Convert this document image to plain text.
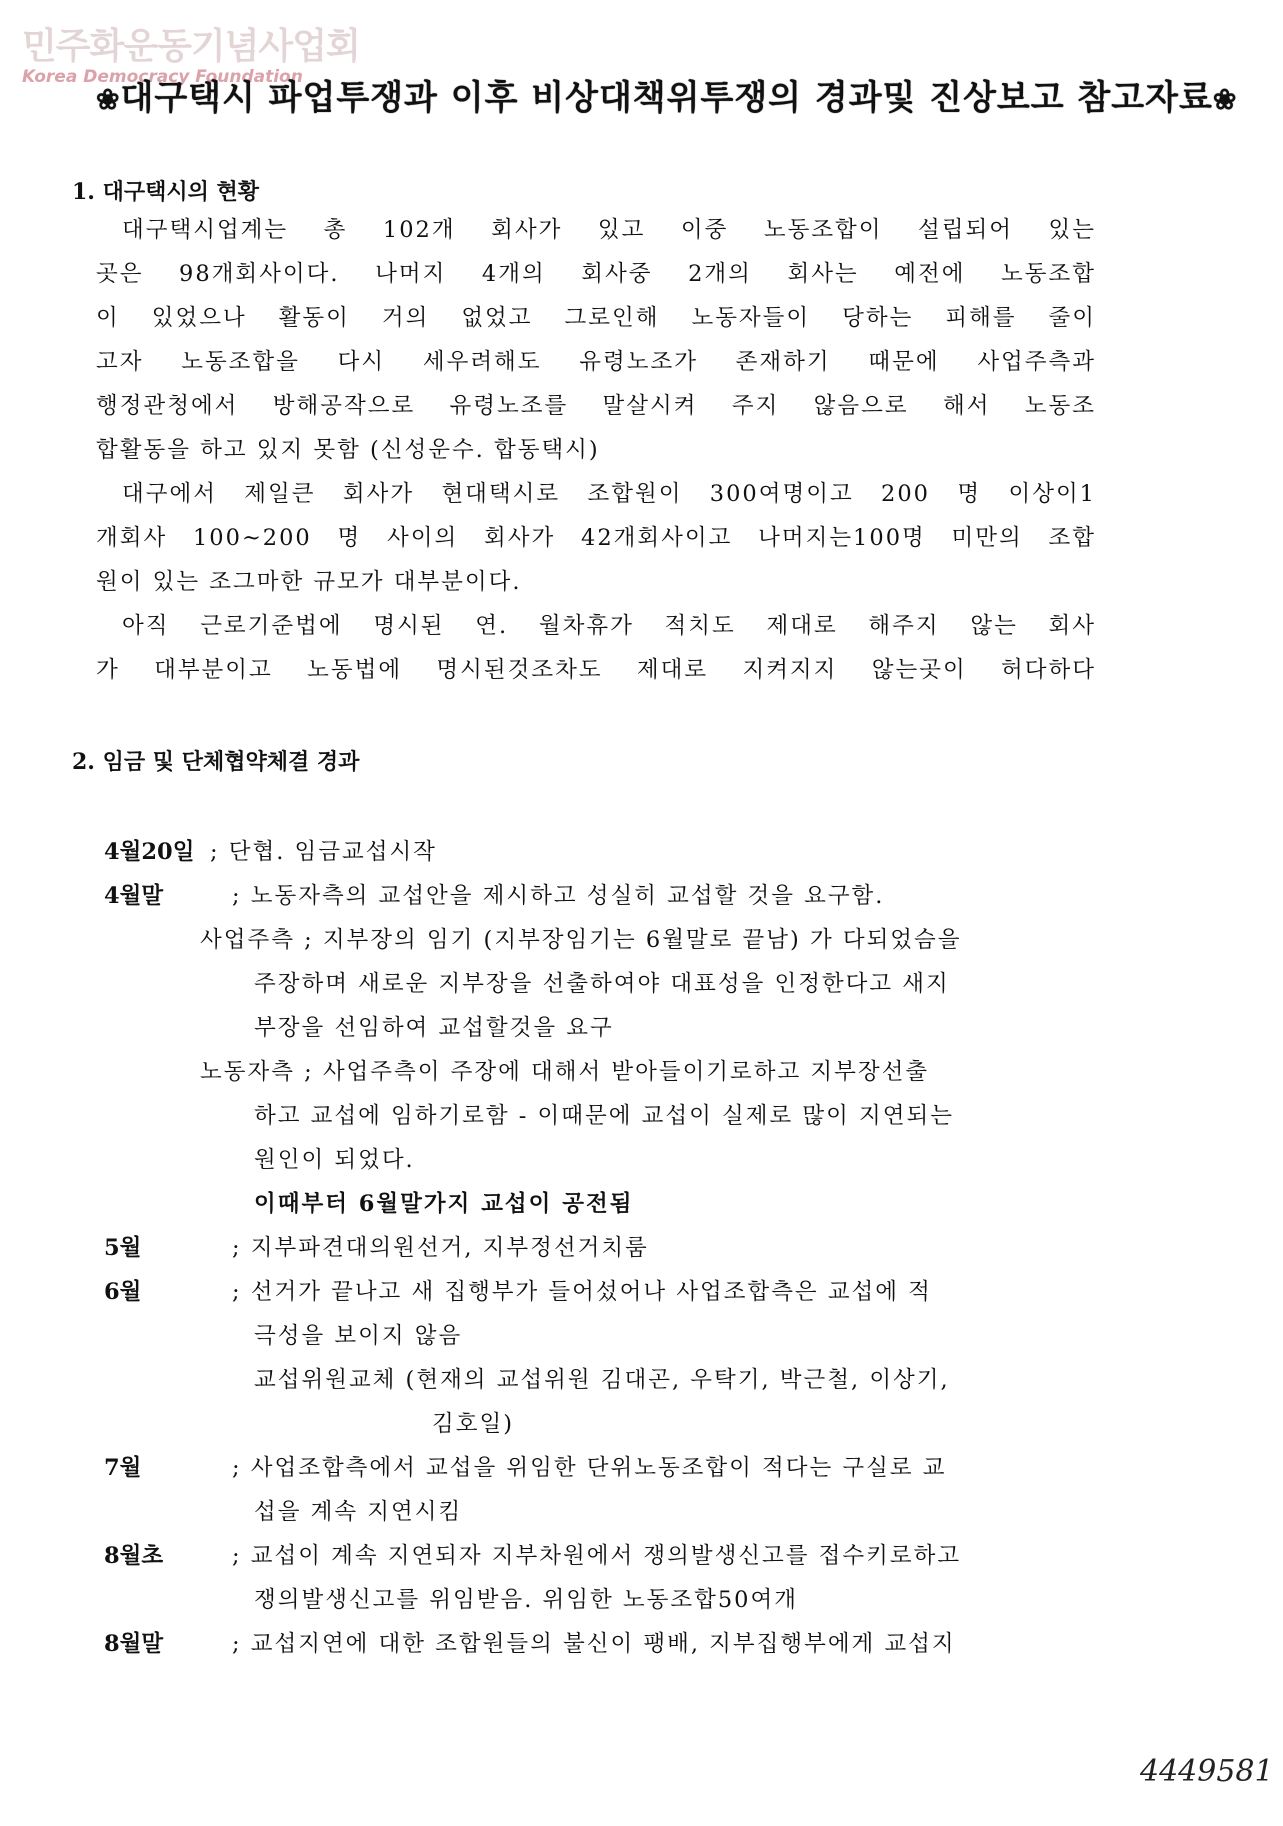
민주화운동기념사업회
Korea Democracy Foundation
❀대구택시 파업투쟁과 이후 비상대책위투쟁의 경과및 진상보고 참고자료❀
1. 대구택시의 현황
대구택시업계는 총 102개 회사가 있고 이중 노동조합이 설립되어 있는
곳은 98개회사이다. 나머지 4개의 회사중 2개의 회사는 예전에 노동조합
이 있었으나 활동이 거의 없었고 그로인해 노동자들이 당하는 피해를 줄이
고자 노동조합을 다시 세우려해도 유령노조가 존재하기 때문에 사업주측과
행정관청에서 방해공작으로 유령노조를 말살시켜 주지 않음으로 해서 노동조
합활동을 하고 있지 못함 (신성운수. 합동택시)
대구에서 제일큰 회사가 현대택시로 조합원이 300여명이고 200 명 이상이1
개회사 100~200 명 사이의 회사가 42개회사이고 나머지는100명 미만의 조합
원이 있는 조그마한 규모가 대부분이다.
아직 근로기준법에 명시된 연. 월차휴가 적치도 제대로 해주지 않는 회사
가 대부분이고 노동법에 명시된것조차도 제대로 지켜지지 않는곳이 허다하다
2. 임금 및 단체협약체결 경과
4월20일 ; 단협. 임금교섭시작
4월말	; 노동자측의 교섭안을 제시하고 성실히 교섭할 것을 요구함.
사업주측 ; 지부장의 임기 (지부장임기는 6월말로 끝남) 가 다되었슴을
주장하며 새로운 지부장을 선출하여야 대표성을 인정한다고 새지
부장을 선임하여 교섭할것을 요구
노동자측 ; 사업주측이 주장에 대해서 받아들이기로하고 지부장선출
하고 교섭에 임하기로함 - 이때문에 교섭이 실제로 많이 지연되는
원인이 되었다.
이때부터 6월말가지 교섭이 공전됨
5월	; 지부파견대의원선거, 지부정선거치룸
6월	; 선거가 끝나고 새 집행부가 들어섰어나 사업조합측은 교섭에 적
극성을 보이지 않음
교섭위원교체 (현재의 교섭위원 김대곤, 우탁기, 박근철, 이상기,
김호일)
7월	; 사업조합측에서 교섭을 위임한 단위노동조합이 적다는 구실로 교
섭을 계속 지연시킴
8월초	; 교섭이 계속 지연되자 지부차원에서 쟁의발생신고를 접수키로하고
쟁의발생신고를 위임받음. 위임한 노동조합50여개
8월말	; 교섭지연에 대한 조합원들의 불신이 팽배, 지부집행부에게 교섭지
4449581
